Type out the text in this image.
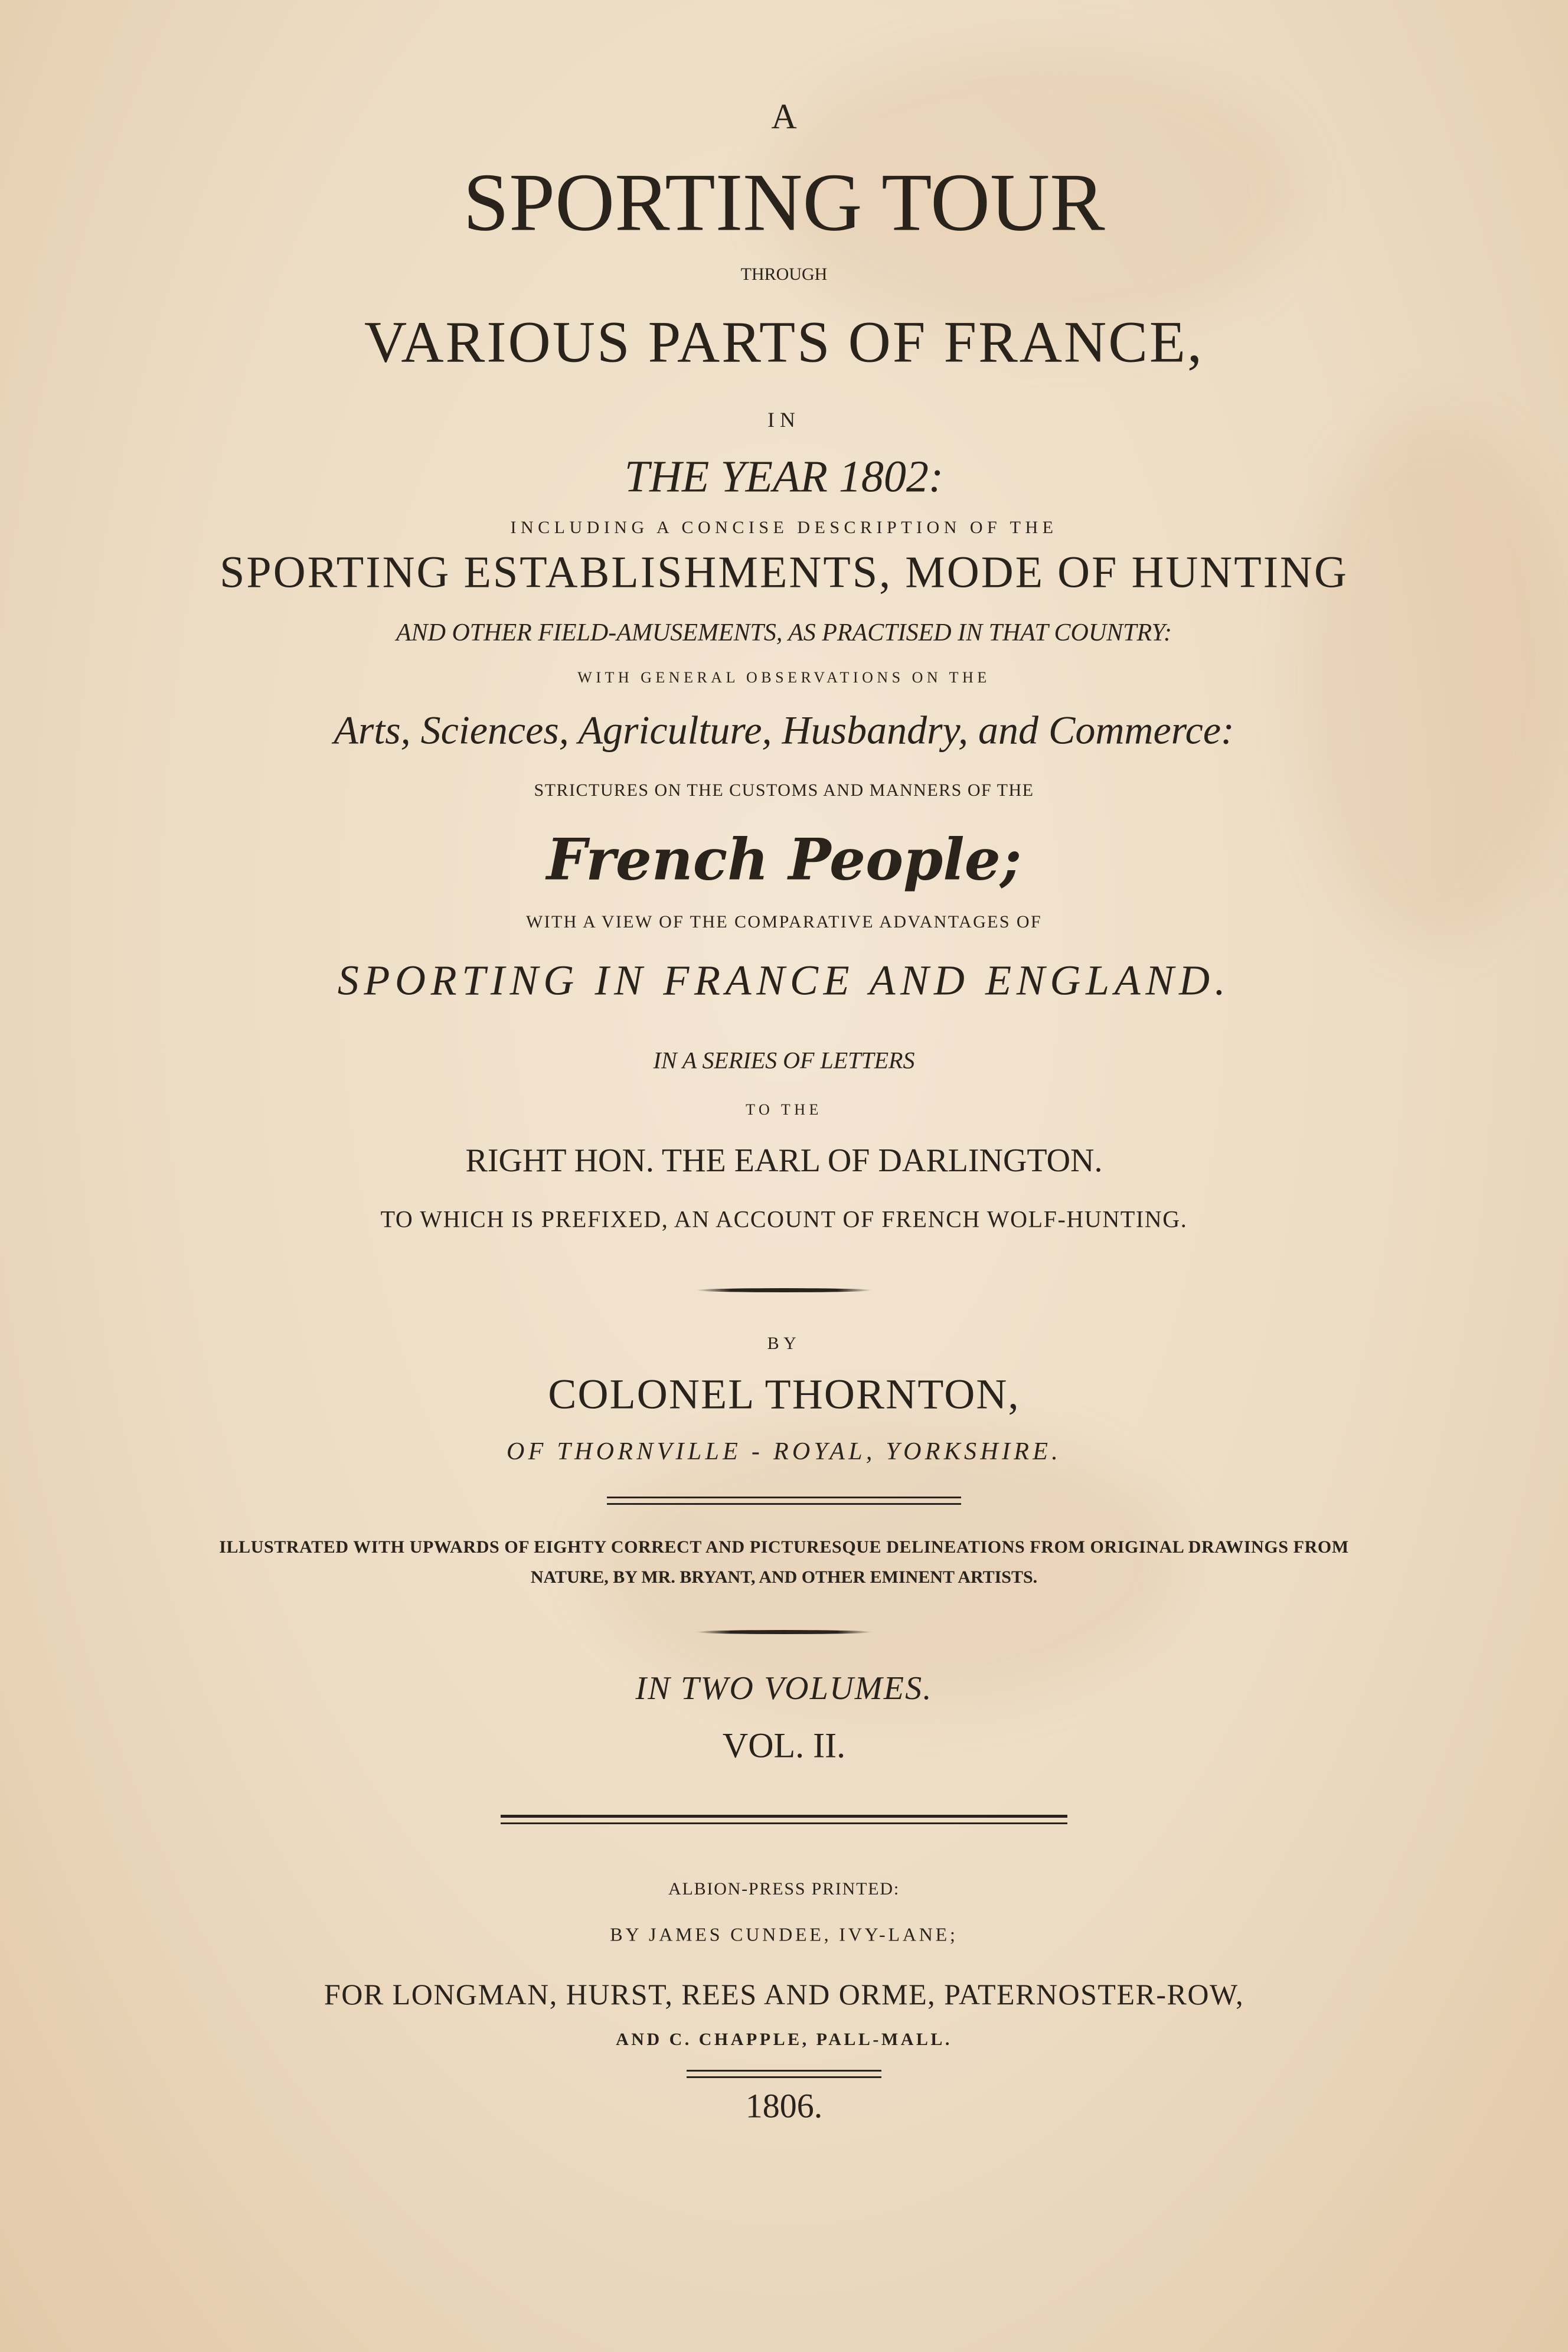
A
SPORTING TOUR
THROUGH
VARIOUS PARTS OF FRANCE,
IN
THE YEAR 1802:
INCLUDING A CONCISE DESCRIPTION OF THE
SPORTING ESTABLISHMENTS, MODE OF HUNTING
AND OTHER FIELD-AMUSEMENTS, AS PRACTISED IN THAT COUNTRY:
WITH GENERAL OBSERVATIONS ON THE
Arts, Sciences, Agriculture, Husbandry, and Commerce:
STRICTURES ON THE CUSTOMS AND MANNERS OF THE
French People;
WITH A VIEW OF THE COMPARATIVE ADVANTAGES OF
SPORTING IN FRANCE AND ENGLAND.
IN A SERIES OF LETTERS
TO THE
RIGHT HON. THE EARL OF DARLINGTON.
TO WHICH IS PREFIXED, AN ACCOUNT OF FRENCH WOLF-HUNTING.
BY
COLONEL THORNTON,
OF THORNVILLE - ROYAL, YORKSHIRE.
ILLUSTRATED WITH UPWARDS OF EIGHTY CORRECT AND PICTURESQUE DELINEATIONS FROM ORIGINAL DRAWINGS FROM
NATURE, BY MR. BRYANT, AND OTHER EMINENT ARTISTS.
IN TWO VOLUMES.
VOL. II.
ALBION-PRESS PRINTED:
BY JAMES CUNDEE, IVY-LANE;
FOR LONGMAN, HURST, REES AND ORME, PATERNOSTER-ROW,
AND C. CHAPPLE, PALL-MALL.
1806.
